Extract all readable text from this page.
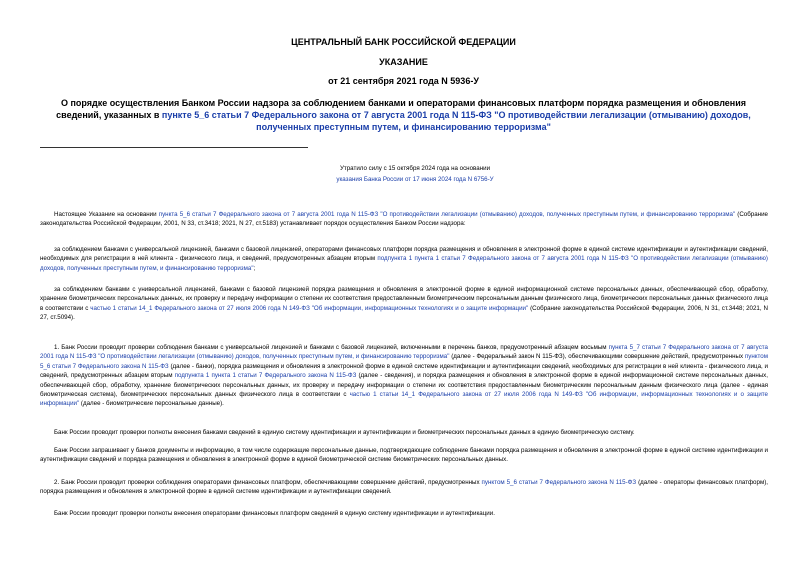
ЦЕНТРАЛЬНЫЙ БАНК РОССИЙСКОЙ ФЕДЕРАЦИИ
УКАЗАНИЕ
от 21 сентября 2021 года N 5936-У
О порядке осуществления Банком России надзора за соблюдением банками и операторами финансовых платформ порядка размещения и обновления сведений, указанных в пункте 5_6 статьи 7 Федерального закона от 7 августа 2001 года N 115-ФЗ "О противодействии легализации (отмыванию) доходов, полученных преступным путем, и финансированию терроризма"
Утратило силу с 15 октября 2024 года на основании
указания Банка России от 17 июня 2024 года N 6756-У
Настоящее Указание на основании пункта 5_6 статьи 7 Федерального закона от 7 августа 2001 года N 115-ФЗ "О противодействии легализации (отмыванию) доходов, полученных преступным путем, и финансированию терроризма" (Собрание законодательства Российской Федерации, 2001, N 33, ст.3418; 2021, N 27, ст.5183) устанавливает порядок осуществления Банком России надзора:
за соблюдением банками с универсальной лицензией, банками с базовой лицензией, операторами финансовых платформ порядка размещения и обновления в электронной форме в единой системе идентификации и аутентификации сведений, необходимых для регистрации в ней клиента - физического лица, и сведений, предусмотренных абзацем вторым подпункта 1 пункта 1 статьи 7 Федерального закона от 7 августа 2001 года N 115-ФЗ "О противодействии легализации (отмыванию) доходов, полученных преступным путем, и финансированию терроризма";
за соблюдением банками с универсальной лицензией, банками с базовой лицензией порядка размещения и обновления в электронной форме в единой информационной системе персональных данных, обеспечивающей сбор, обработку, хранение биометрических персональных данных, их проверку и передачу информации о степени их соответствия предоставленным биометрическим персональным данным физического лица, биометрических персональных данных физического лица в соответствии с частью 1 статьи 14_1 Федерального закона от 27 июля 2006 года N 149-ФЗ "Об информации, информационных технологиях и о защите информации" (Собрание законодательства Российской Федерации, 2006, N 31, ст.3448; 2021, N 27, ст.5094).
1. Банк России проводит проверки соблюдения банками с универсальной лицензией и банками с базовой лицензией, включенными в перечень банков, предусмотренный абзацем восьмым пункта 5_7 статьи 7 Федерального закона от 7 августа 2001 года N 115-ФЗ "О противодействии легализации (отмыванию) доходов, полученных преступным путем, и финансированию терроризма" (далее - Федеральный закон N 115-ФЗ), обеспечивающими совершение действий, предусмотренных пунктом 5_6 статьи 7 Федерального закона N 115-ФЗ (далее - банки), порядка размещения и обновления в электронной форме в единой системе идентификации и аутентификации сведений, необходимых для регистрации в ней клиента - физического лица, и сведений, предусмотренных абзацем вторым подпункта 1 пункта 1 статьи 7 Федерального закона N 115-ФЗ (далее - сведения), и порядка размещения и обновления в электронной форме в единой информационной системе персональных данных, обеспечивающей сбор, обработку, хранение биометрических персональных данных, их проверку и передачу информации о степени их соответствия предоставленным биометрическим персональным данным физического лица (далее - единая биометрическая система), биометрических персональных данных физического лица в соответствии с частью 1 статьи 14_1 Федерального закона от 27 июля 2006 года N 149-ФЗ "Об информации, информационных технологиях и о защите информации" (далее - биометрические персональные данные).
Банк России проводит проверки полноты внесения банками сведений в единую систему идентификации и аутентификации и биометрических персональных данных в единую биометрическую систему.
Банк России запрашивает у банков документы и информацию, в том числе содержащие персональные данные, подтверждающие соблюдение банками порядка размещения и обновления в электронной форме в единой системе идентификации и аутентификации сведений и порядка размещения и обновления в электронной форме в единой биометрической системе биометрических персональных данных.
2. Банк России проводит проверки соблюдения операторами финансовых платформ, обеспечивающими совершение действий, предусмотренных пунктом 5_6 статьи 7 Федерального закона N 115-ФЗ (далее - операторы финансовых платформ), порядка размещения и обновления в электронной форме в единой системе идентификации и аутентификации сведений.
Банк России проводит проверки полноты внесения операторами финансовых платформ сведений в единую систему идентификации и аутентификации.
